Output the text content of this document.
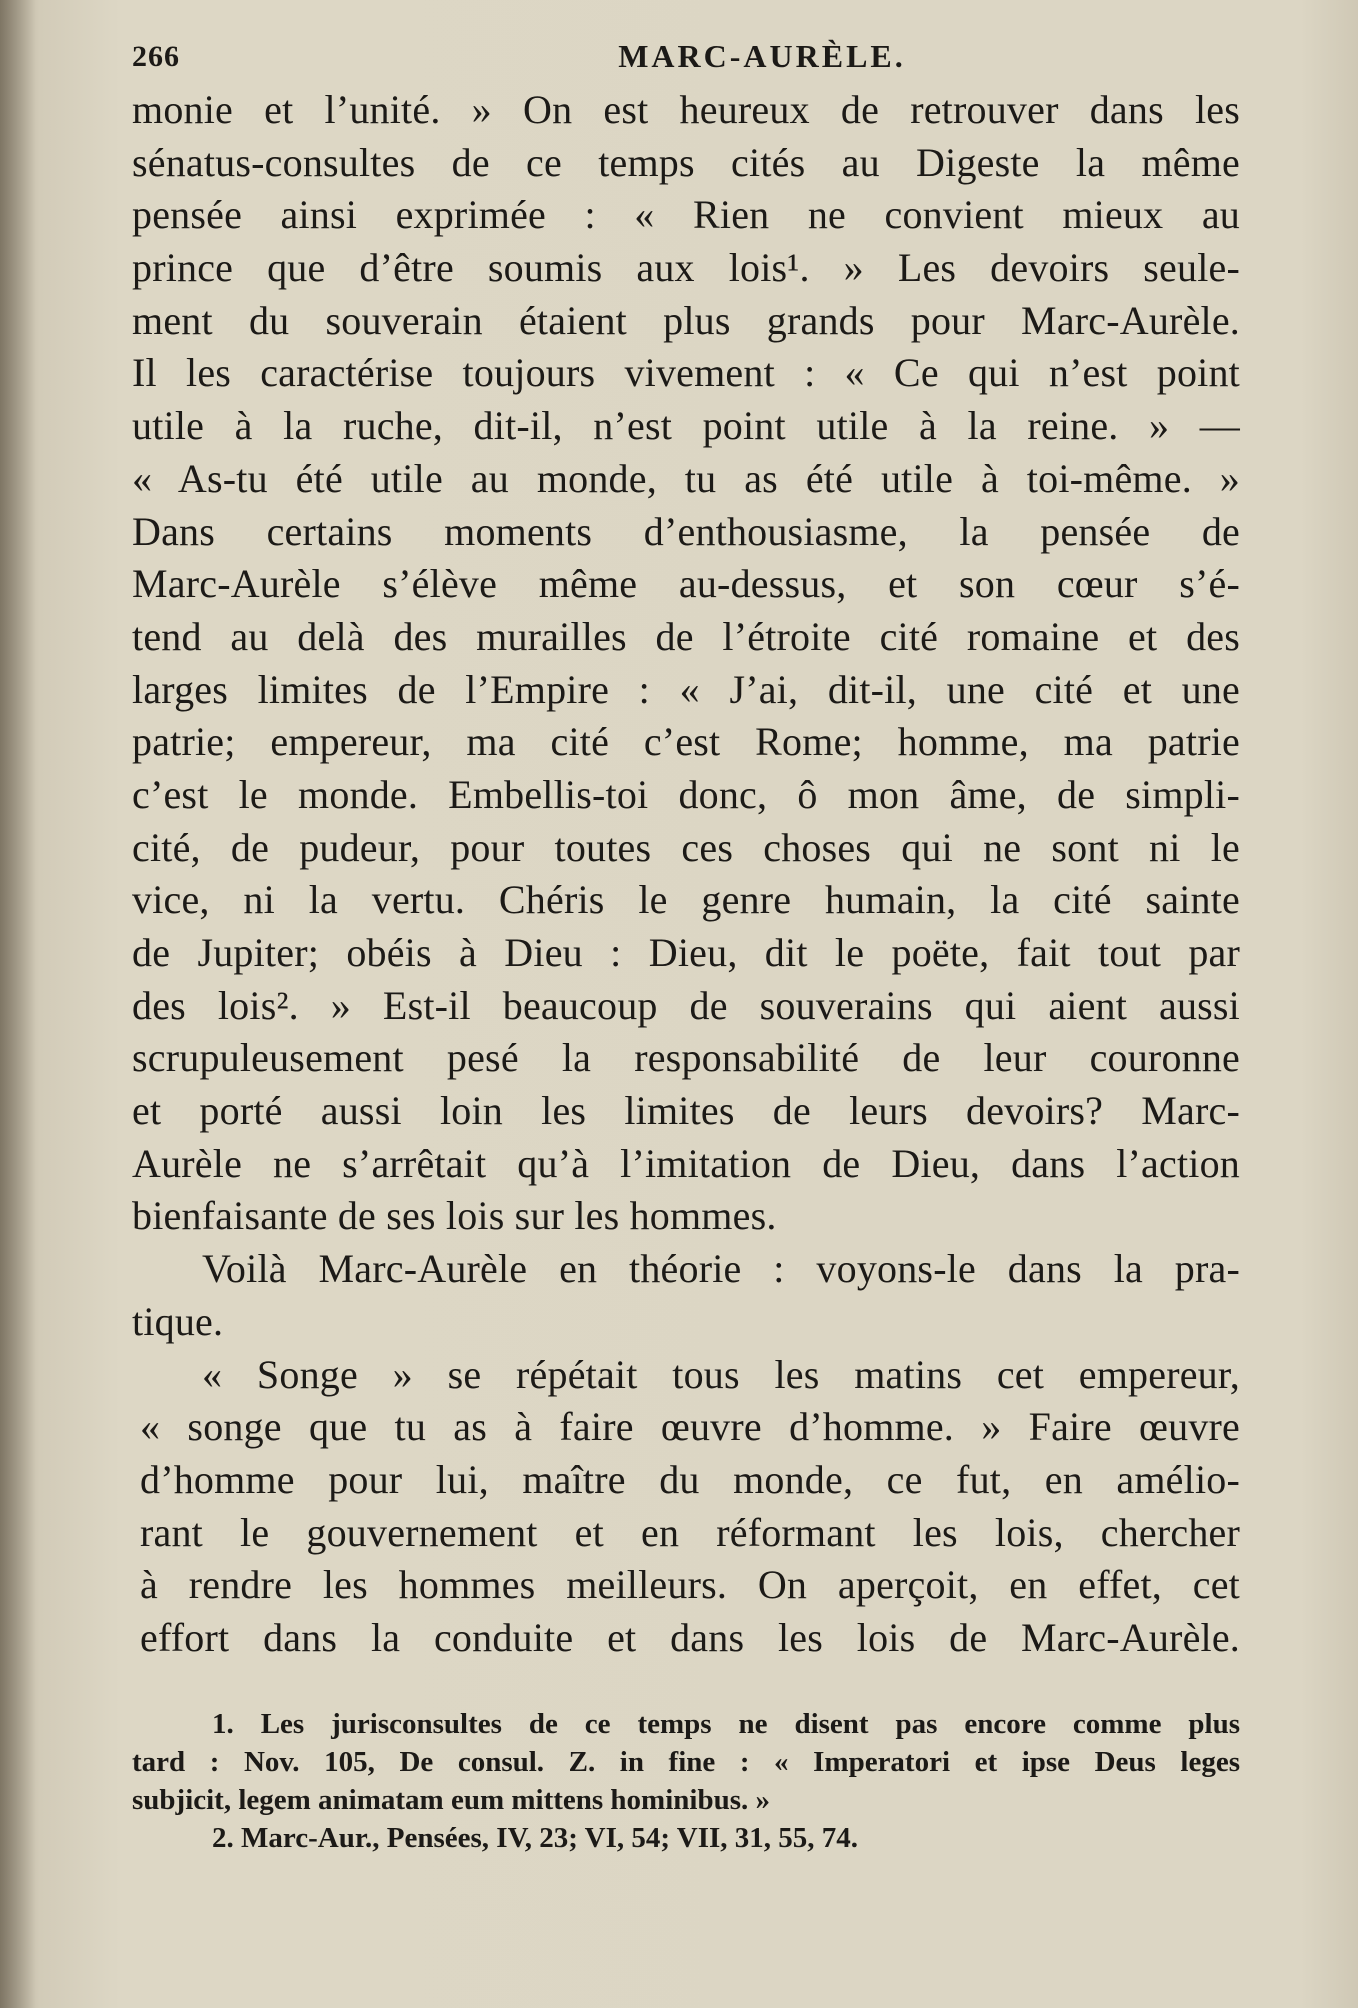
266	MARC-AURÈLE.
monie et l’unité. » On est heureux de retrouver dans les
sénatus-consultes de ce temps cités au Digeste la même
pensée ainsi exprimée : « Rien ne convient mieux au
prince que d’être soumis aux lois¹. » Les devoirs seule-
ment du souverain étaient plus grands pour Marc-Aurèle.
Il les caractérise toujours vivement : « Ce qui n’est point
utile à la ruche, dit-il, n’est point utile à la reine. » —
« As-tu été utile au monde, tu as été utile à toi-même. »
Dans certains moments d’enthousiasme, la pensée de
Marc-Aurèle s’élève même au-dessus, et son cœur s’é-
tend au delà des murailles de l’étroite cité romaine et des
larges limites de l’Empire : « J’ai, dit-il, une cité et une
patrie; empereur, ma cité c’est Rome; homme, ma patrie
c’est le monde. Embellis-toi donc, ô mon âme, de simpli-
cité, de pudeur, pour toutes ces choses qui ne sont ni le
vice, ni la vertu. Chéris le genre humain, la cité sainte
de Jupiter; obéis à Dieu : Dieu, dit le poëte, fait tout par
des lois². » Est-il beaucoup de souverains qui aient aussi
scrupuleusement pesé la responsabilité de leur couronne
et porté aussi loin les limites de leurs devoirs? Marc-
Aurèle ne s’arrêtait qu’à l’imitation de Dieu, dans l’action
bienfaisante de ses lois sur les hommes.
Voilà Marc-Aurèle en théorie : voyons-le dans la pra-
tique.
« Songe » se répétait tous les matins cet empereur,
« songe que tu as à faire œuvre d’homme. » Faire œuvre
d’homme pour lui, maître du monde, ce fut, en amélio-
rant le gouvernement et en réformant les lois, chercher
à rendre les hommes meilleurs. On aperçoit, en effet, cet
effort dans la conduite et dans les lois de Marc-Aurèle.
1. Les jurisconsultes de ce temps ne disent pas encore comme plus
tard : Nov. 105, De consul. Z. in fine : « Imperatori et ipse Deus leges
subjicit, legem animatam eum mittens hominibus. »
2. Marc-Aur., Pensées, IV, 23; VI, 54; VII, 31, 55, 74.
